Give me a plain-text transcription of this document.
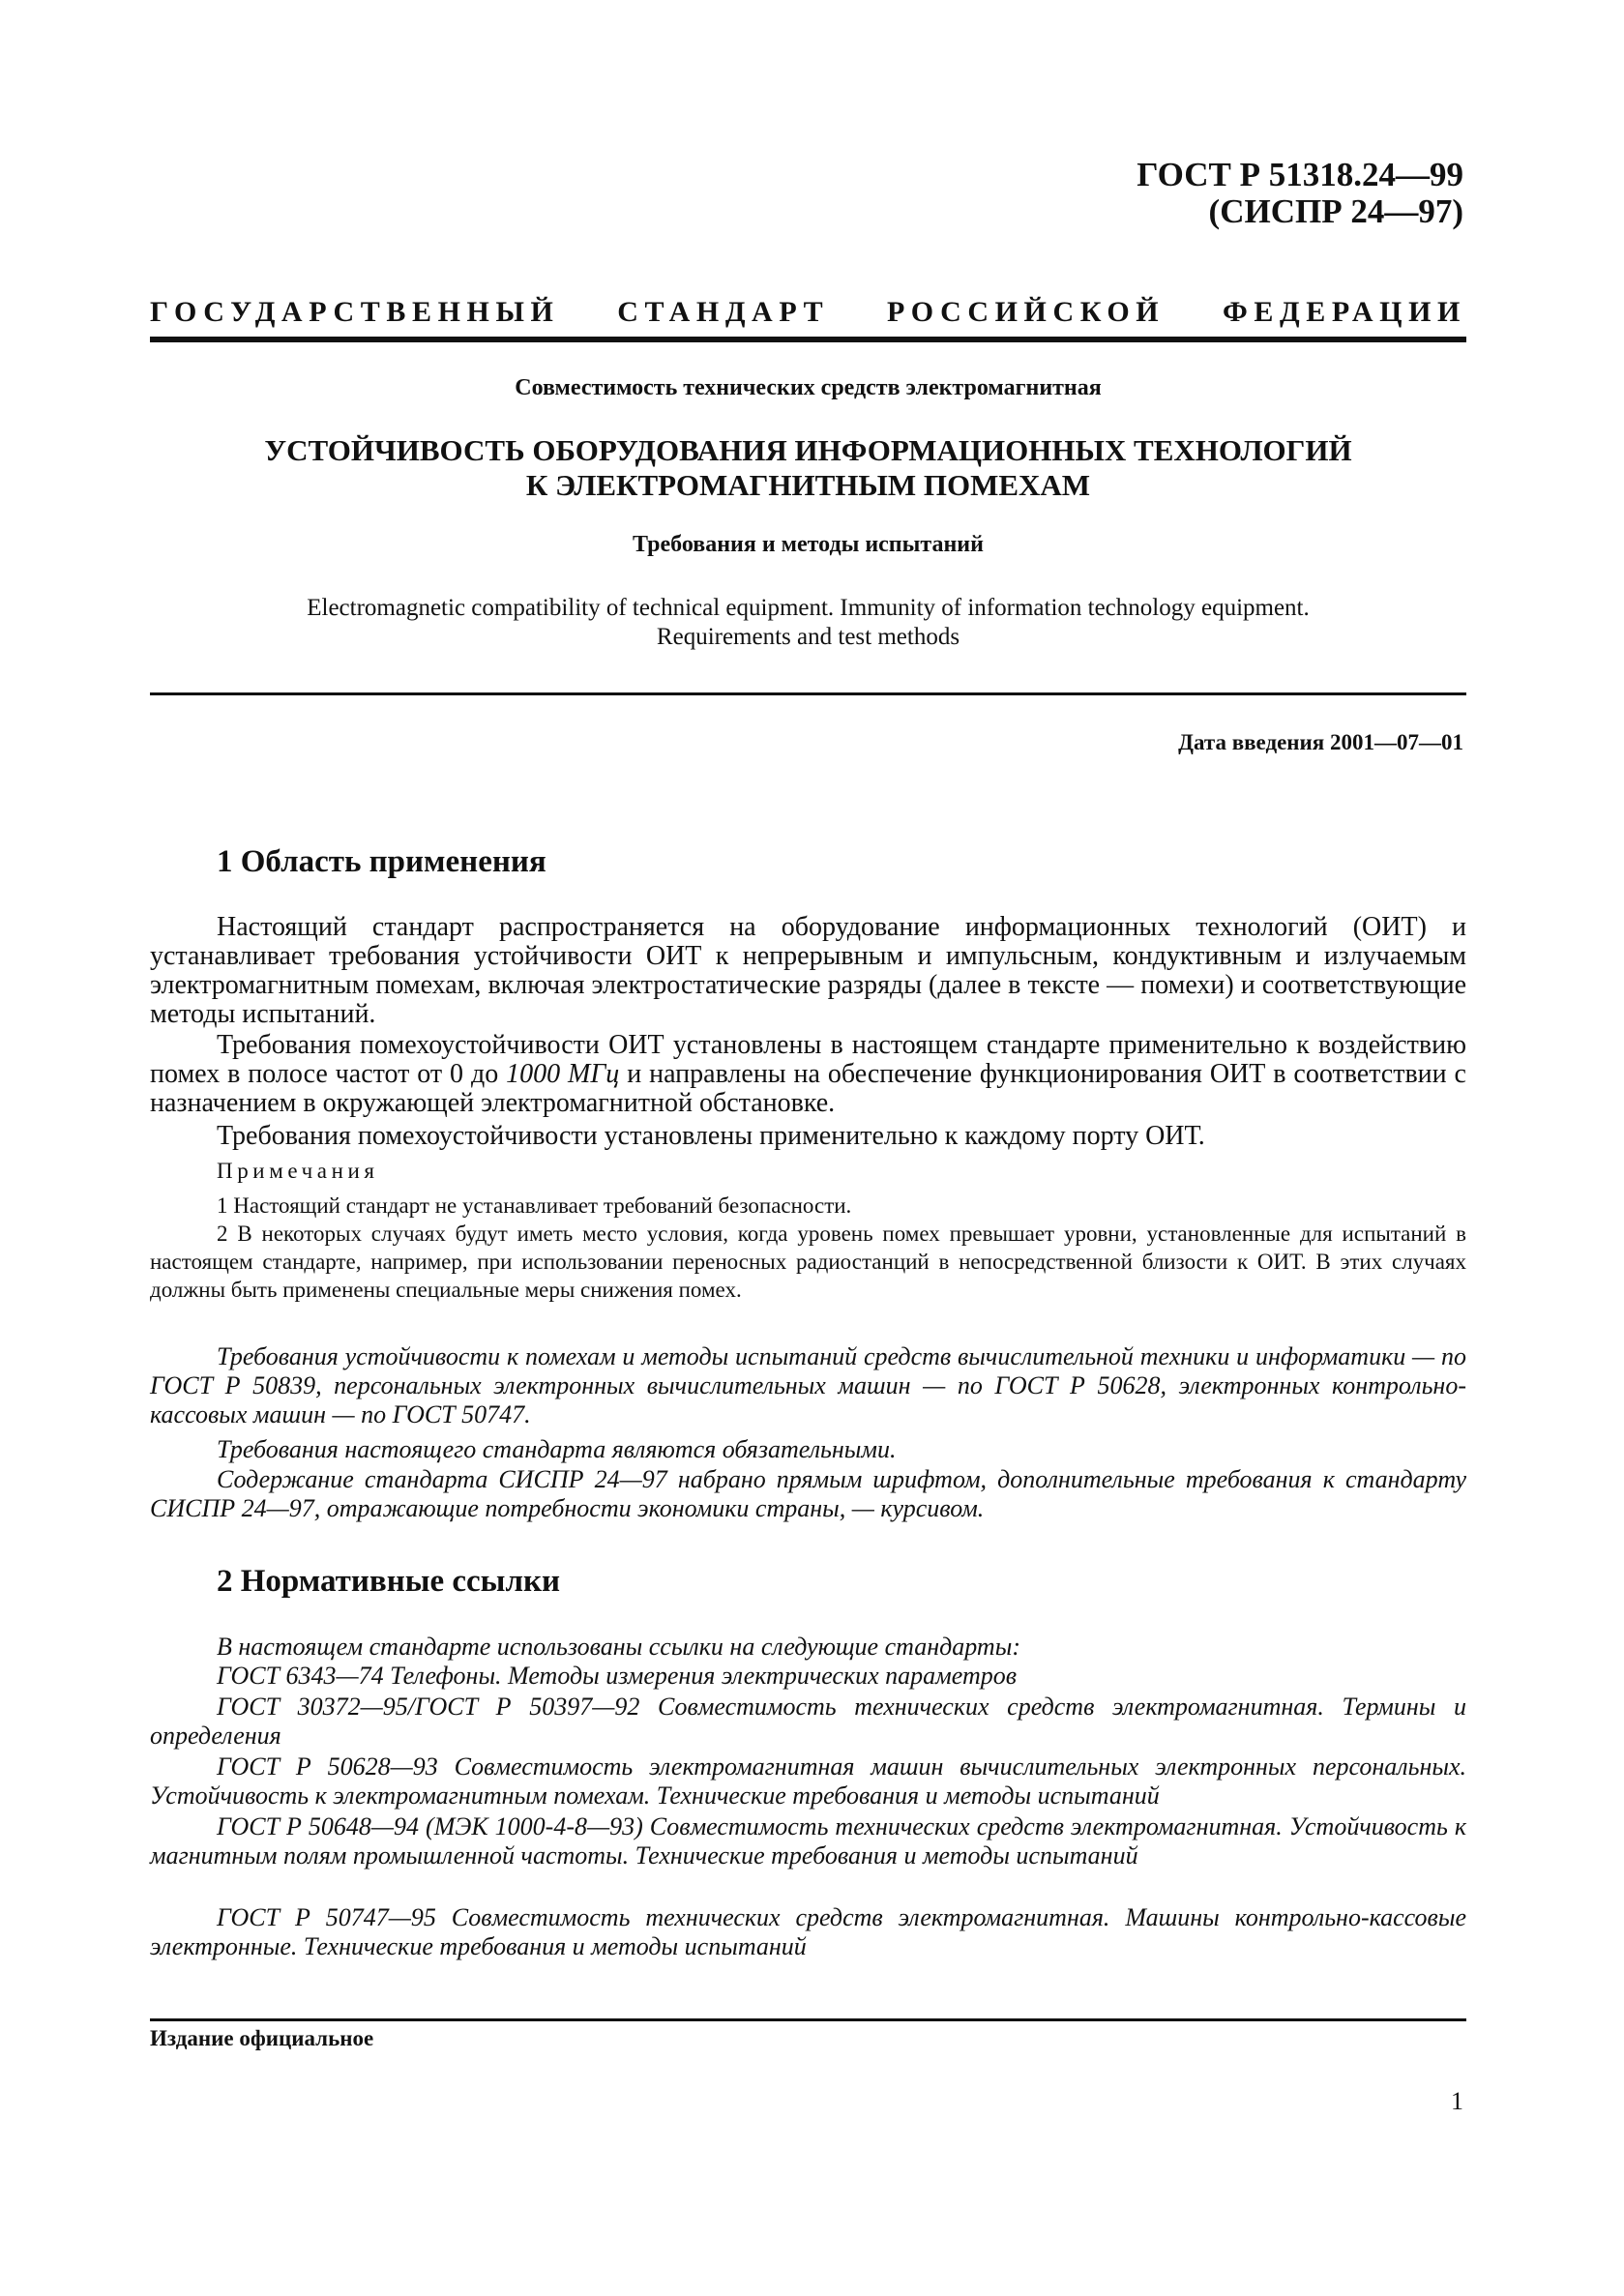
ГОСТ Р 51318.24—99
(СИСПР 24—97)
ГОСУДАРСТВЕННЫЙ СТАНДАРТ РОССИЙСКОЙ ФЕДЕРАЦИИ
Совместимость технических средств электромагнитная
УСТОЙЧИВОСТЬ ОБОРУДОВАНИЯ ИНФОРМАЦИОННЫХ ТЕХНОЛОГИЙ
К ЭЛЕКТРОМАГНИТНЫМ ПОМЕХАМ
Требования и методы испытаний
Electromagnetic compatibility of technical equipment. Immunity of information technology equipment.
Requirements and test methods
Дата введения 2001—07—01
1 Область применения
Настоящий стандарт распространяется на оборудование информационных технологий (ОИТ) и устанавливает требования устойчивости ОИТ к непрерывным и импульсным, кондуктивным и излучаемым электромагнитным помехам, включая электростатические разряды (далее в тексте — помехи) и соответствующие методы испытаний.
Требования помехоустойчивости ОИТ установлены в настоящем стандарте применительно к воздействию помех в полосе частот от 0 до 1000 МГц и направлены на обеспечение функционирования ОИТ в соответствии с назначением в окружающей электромагнитной обстановке.
Требования помехоустойчивости установлены применительно к каждому порту ОИТ.
Примечания
1 Настоящий стандарт не устанавливает требований безопасности.
2 В некоторых случаях будут иметь место условия, когда уровень помех превышает уровни, установленные для испытаний в настоящем стандарте, например, при использовании переносных радиостанций в непосредственной близости к ОИТ. В этих случаях должны быть применены специальные меры снижения помех.
Требования устойчивости к помехам и методы испытаний средств вычислительной техники и информатики — по ГОСТ Р 50839, персональных электронных вычислительных машин — по ГОСТ Р 50628, электронных контрольно-кассовых машин — по ГОСТ 50747.
Требования настоящего стандарта являются обязательными.
Содержание стандарта СИСПР 24—97 набрано прямым шрифтом, дополнительные требования к стандарту СИСПР 24—97, отражающие потребности экономики страны, — курсивом.
2 Нормативные ссылки
В настоящем стандарте использованы ссылки на следующие стандарты:
ГОСТ 6343—74 Телефоны. Методы измерения электрических параметров
ГОСТ 30372—95/ГОСТ Р 50397—92 Совместимость технических средств электромагнитная. Термины и определения
ГОСТ Р 50628—93 Совместимость электромагнитная машин вычислительных электронных персональных. Устойчивость к электромагнитным помехам. Технические требования и методы испытаний
ГОСТ Р 50648—94 (МЭК 1000-4-8—93) Совместимость технических средств электромагнитная. Устойчивость к магнитным полям промышленной частоты. Технические требования и методы испытаний
ГОСТ Р 50747—95 Совместимость технических средств электромагнитная. Машины контрольно-кассовые электронные. Технические требования и методы испытаний
Издание официальное
1
